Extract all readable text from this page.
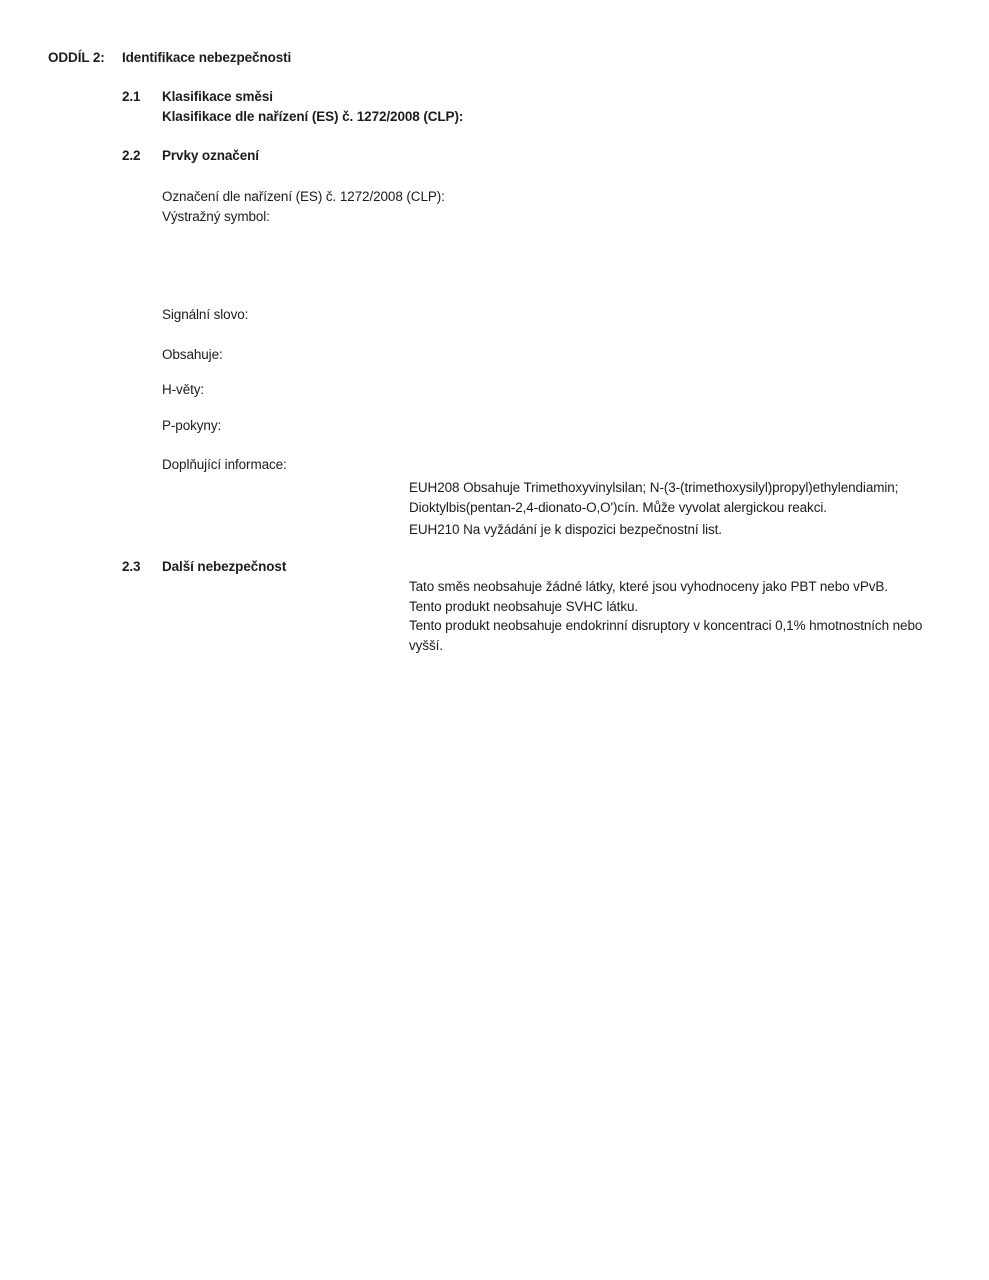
ODDÍL 2: Identifikace nebezpečnosti
2.1 Klasifikace směsi
Klasifikace dle nařízení (ES) č. 1272/2008 (CLP):
2.2 Prvky označení
Označení dle nařízení (ES) č. 1272/2008 (CLP):
Výstražný symbol:
Signální slovo:
Obsahuje:
H-věty:
P-pokyny:
Doplňující informace:
EUH208 Obsahuje Trimethoxyvinylsilan; N-(3-(trimethoxysilyl)propyl)ethylendiamin;
Dioktylbis(pentan-2,4-dionato-O,O')cín. Může vyvolat alergickou reakci.
EUH210 Na vyžádání je k dispozici bezpečnostní list.
2.3 Další nebezpečnost
Tato směs neobsahuje žádné látky, které jsou vyhodnoceny jako PBT nebo vPvB.
Tento produkt neobsahuje SVHC látku.
Tento produkt neobsahuje endokrinní disruptory v koncentraci 0,1% hmotnostních nebo
vyšší.
